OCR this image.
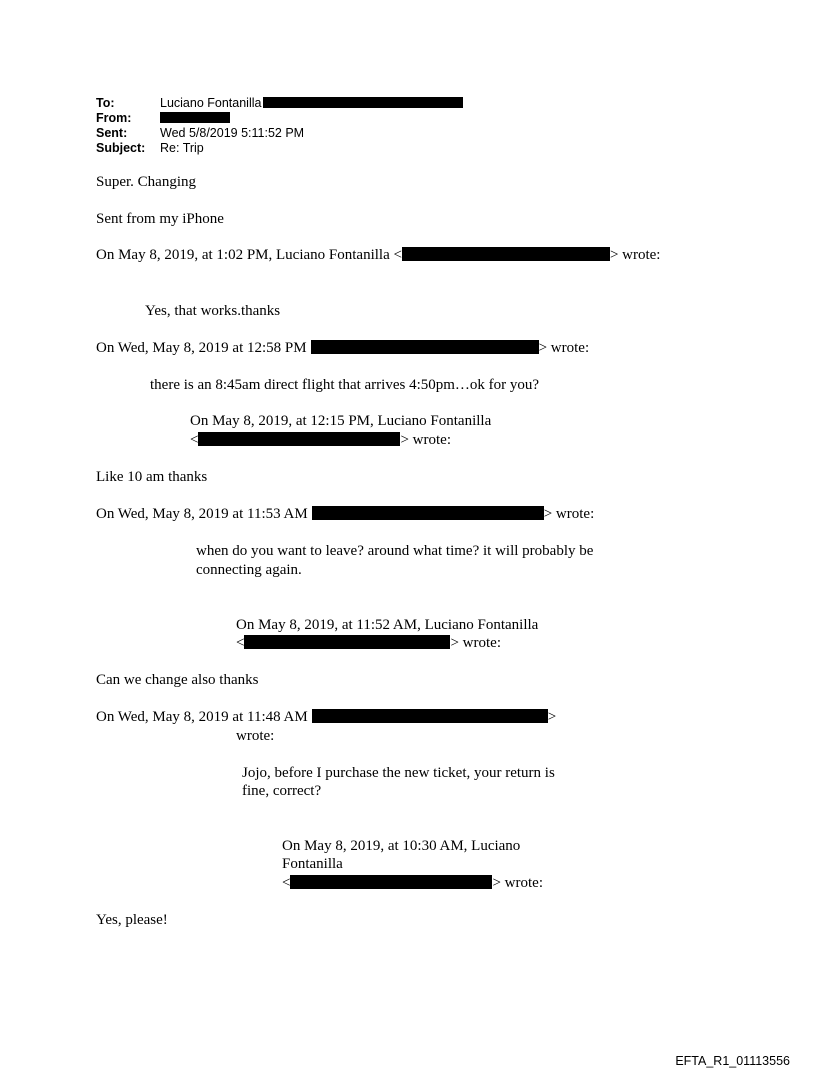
To:	Luciano Fontanilla
From:
Sent:	Wed 5/8/2019 5:11:52 PM
Subject:	Re: Trip
Super. Changing
Sent from my iPhone
On May 8, 2019, at 1:02 PM, Luciano Fontanilla <	> wrote:
Yes, that works.thanks
On Wed, May 8, 2019 at 12:58 PM	> wrote:
there is an 8:45am direct flight that arrives 4:50pm…ok for you?
On May 8, 2019, at 12:15 PM, Luciano Fontanilla
<	> wrote:
Like 10 am thanks
On Wed, May 8, 2019 at 11:53 AM	> wrote:
when do you want to leave? around what time? it will probably be
connecting again.
On May 8, 2019, at 11:52 AM, Luciano Fontanilla
<	> wrote:
Can we change also thanks
On Wed, May 8, 2019 at 11:48 AM	>
wrote:
Jojo, before I purchase the new ticket, your return is
fine, correct?
On May 8, 2019, at 10:30 AM, Luciano
Fontanilla
<	> wrote:
Yes, please!
EFTA_R1_01113556
